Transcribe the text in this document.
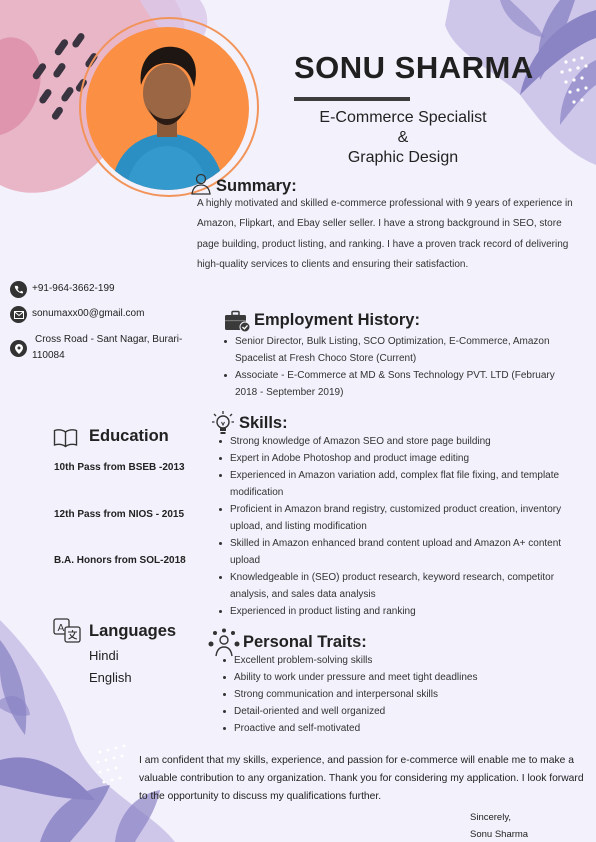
SONU SHARMA
E-Commerce Specialist
&
Graphic Design
Summary:
A highly motivated and skilled e-commerce professional with 9 years of experience in Amazon, Flipkart, and Ebay seller seller. I have a strong background in SEO, store page building, product listing, and ranking. I have a proven track record of delivering high-quality services to clients and ensuring their satisfaction.
+91-964-3662-199
sonumaxx00@gmail.com
Cross Road - Sant Nagar, Burari-110084
Employment History:
Senior Director, Bulk Listing, SCO Optimization, E-Commerce, Amazon Spacelist at Fresh Choco Store (Current)
Associate - E-Commerce at MD & Sons Technology PVT. LTD (February 2018 - September 2019)
Skills:
Strong knowledge of Amazon SEO and store page building
Expert in Adobe Photoshop and product image editing
Experienced in Amazon variation add, complex flat file fixing, and template modification
Proficient in Amazon brand registry, customized product creation, inventory upload, and listing modification
Skilled in Amazon enhanced brand content upload and Amazon A+ content upload
Knowledgeable in (SEO) product research, keyword research, competitor analysis, and sales data analysis
Experienced in product listing and ranking
Education
10th Pass from BSEB -2013
12th Pass from NIOS - 2015
B.A. Honors from SOL-2018
A Languages
Hindi
English
Personal Traits:
Excellent problem-solving skills
Ability to work under pressure and meet tight deadlines
Strong communication and interpersonal skills
Detail-oriented and well organized
Proactive and self-motivated
I am confident that my skills, experience, and passion for e-commerce will enable me to make a valuable contribution to any organization. Thank you for considering my application. I look forward to the opportunity to discuss my qualifications further.
Sincerely,
Sonu Sharma
